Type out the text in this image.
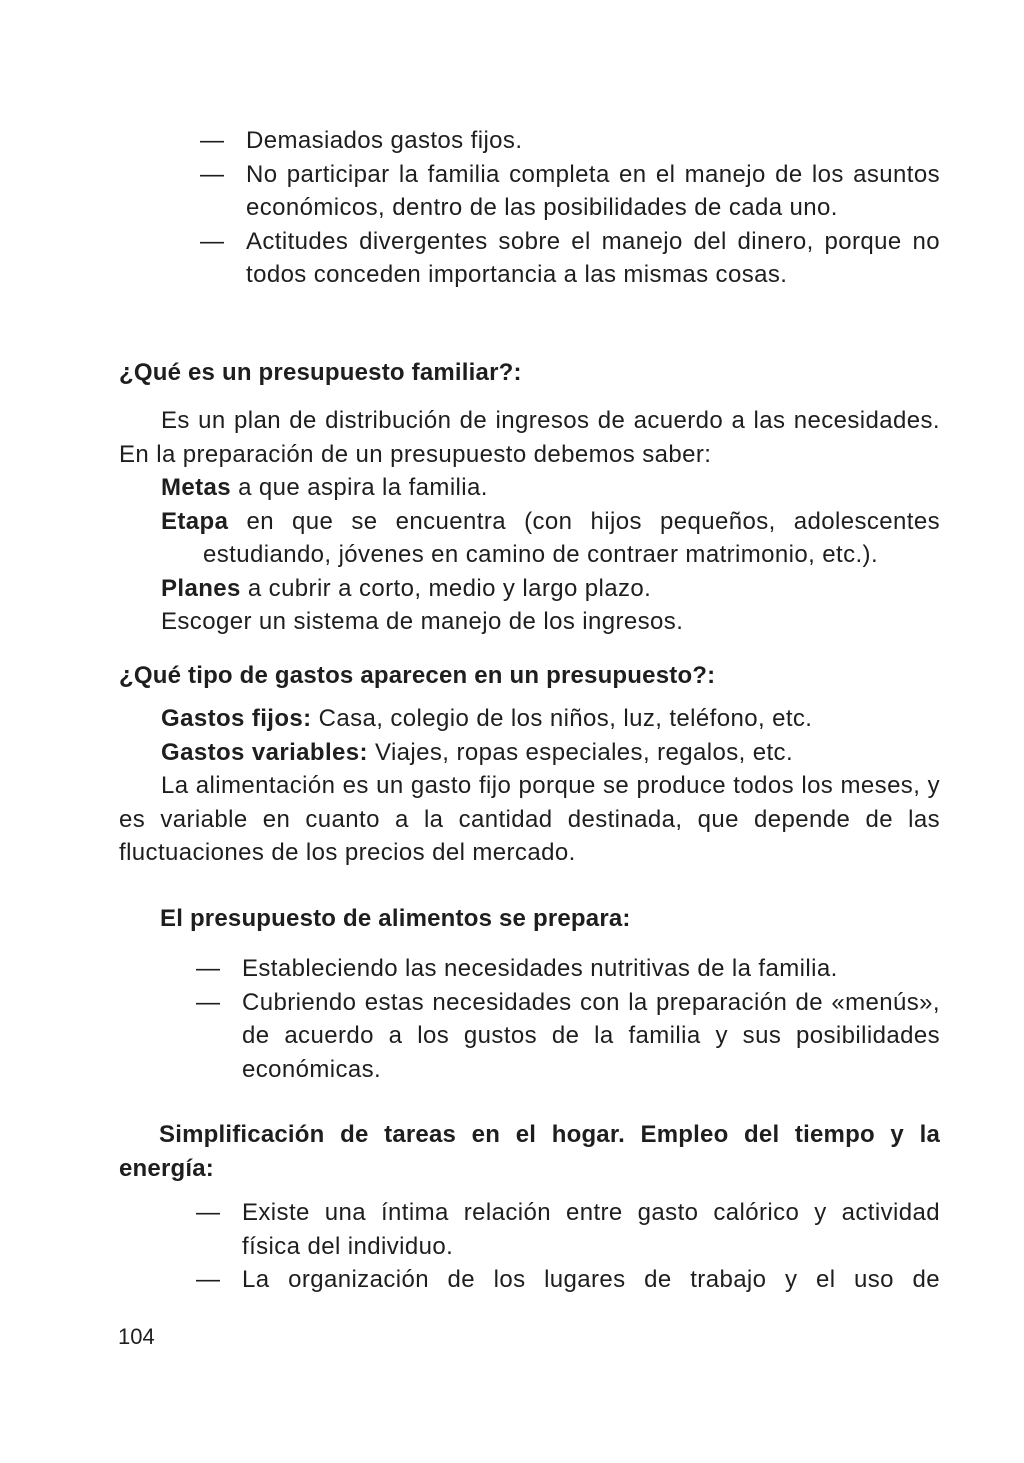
— Demasiados gastos fijos.
— No participar la familia completa en el manejo de los asuntos económicos, dentro de las posibilidades de cada uno.
— Actitudes divergentes sobre el manejo del dinero, porque no todos conceden importancia a las mismas cosas.
¿Qué es un presupuesto familiar?:
Es un plan de distribución de ingresos de acuerdo a las necesidades. En la preparación de un presupuesto debemos saber:
Metas a que aspira la familia.
Etapa en que se encuentra (con hijos pequeños, adolescentes estudiando, jóvenes en camino de contraer matrimonio, etc.).
Planes a cubrir a corto, medio y largo plazo.
Escoger un sistema de manejo de los ingresos.
¿Qué tipo de gastos aparecen en un presupuesto?:
Gastos fijos: Casa, colegio de los niños, luz, teléfono, etc.
Gastos variables: Viajes, ropas especiales, regalos, etc.
La alimentación es un gasto fijo porque se produce todos los meses, y es variable en cuanto a la cantidad destinada, que depende de las fluctuaciones de los precios del mercado.
El presupuesto de alimentos se prepara:
— Estableciendo las necesidades nutritivas de la familia.
— Cubriendo estas necesidades con la preparación de «menús», de acuerdo a los gustos de la familia y sus posibilidades económicas.
Simplificación de tareas en el hogar. Empleo del tiempo y la energía:
— Existe una íntima relación entre gasto calórico y actividad física del individuo.
— La organización de los lugares de trabajo y el uso de
104
